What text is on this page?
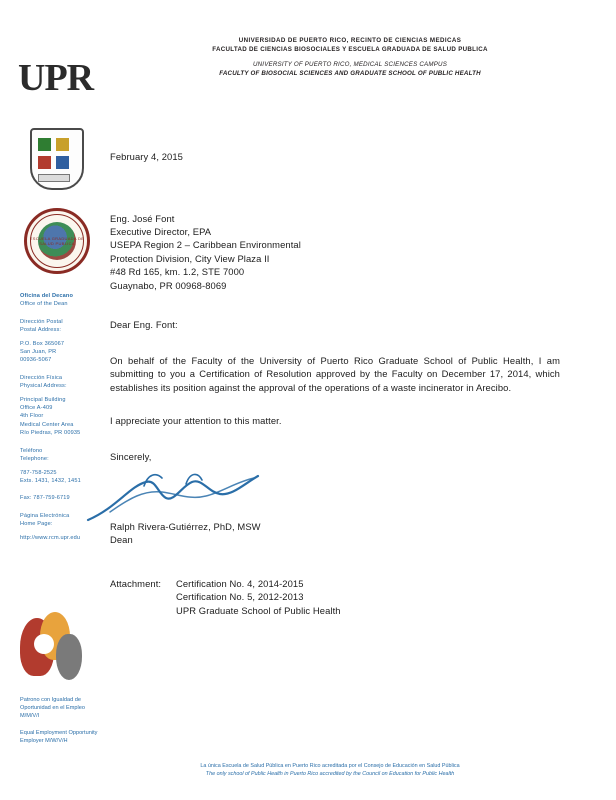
UNIVERSIDAD DE PUERTO RICO, RECINTO DE CIENCIAS MEDICAS
FACULTAD DE CIENCIAS BIOSOCIALES Y ESCUELA GRADUADA DE SALUD PUBLICA
UNIVERSITY OF PUERTO RICO, MEDICAL SCIENCES CAMPUS
FACULTY OF BIOSOCIAL SCIENCES AND GRADUATE SCHOOL OF PUBLIC HEALTH
UPR
ESCUELA GRADUADA DE SALUD PUBLICA
Oficina del Decano
Office of the Dean
Dirección Postal
Postal Address:
P.O. Box 365067
San Juan, PR
00936-5067
Dirección Física
Physical Address:
Principal Building
Office A-409
4th Floor
Medical Center Area
Río Piedras, PR 00935
Teléfono
Telephone:
787-758-2525
Exts. 1431, 1432, 1451
Fax: 787-759-6719
Página Electrónica
Home Page:
http://www.rcm.upr.edu
Patrono con Igualdad de Oportunidad en el Empleo M/M/V/I
Equal Employment Opportunity Employer M/W/V/H
February 4, 2015
Eng. José Font
Executive Director, EPA
USEPA Region 2 – Caribbean Environmental
Protection Division, City View Plaza II
#48 Rd 165, km. 1.2, STE 7000
Guaynabo, PR 00968-8069
Dear Eng. Font:
On behalf of the Faculty of the University of Puerto Rico Graduate School of Public Health, I am submitting to you a Certification of Resolution approved by the Faculty on December 17, 2014, which establishes its position against the approval of the operations of a waste incinerator in Arecibo.
I appreciate your attention to this matter.
Sincerely,
Ralph Rivera-Gutiérrez, PhD, MSW
Dean
Attachment:	Certification No. 4, 2014-2015
Certification No. 5, 2012-2013
UPR Graduate School of Public Health
La única Escuela de Salud Pública en Puerto Rico acreditada por el Consejo de Educación en Salud Pública
The only school of Public Health in Puerto Rico accredited by the Council on Education for Public Health
